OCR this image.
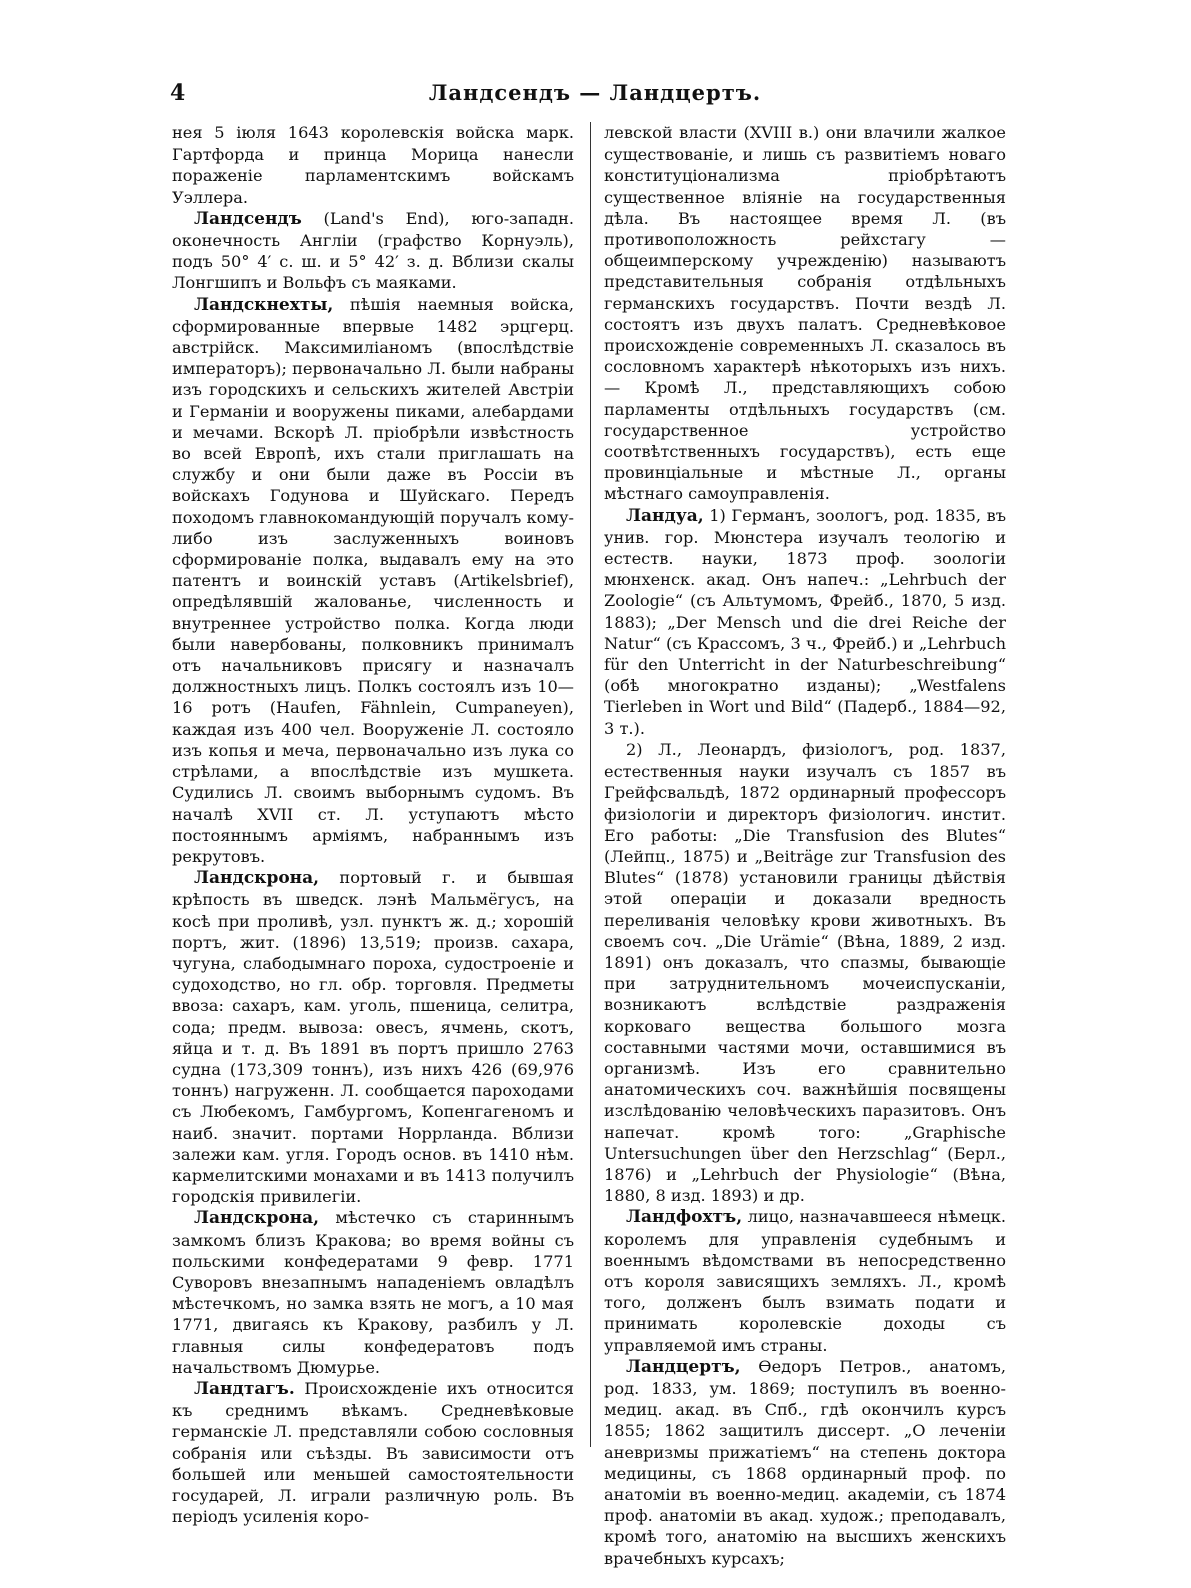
4	Ландсендъ — Ландцертъ.

нея 5 іюля 1643 королевскія войска марк. Гартфорда и принца Морица нанесли пораженіе парламентскимъ войскамъ Уэллера.

Ландсендъ (Land's End), юго-западн. оконечность Англіи (графство Корнуэль), подъ 50° 4′ с. ш. и 5° 42′ з. д. Вблизи скалы Лонгшипъ и Вольфъ съ маяками.

Ландскнехты, пѣшія наемныя войска, сформированные впервые 1482 эрцгерц. австрійск. Максимиліаномъ (впослѣдствіе императоръ); первоначально Л. были набраны изъ городскихъ и сельскихъ жителей Австріи и Германіи и вооружены пиками, алебардами и мечами. Вскорѣ Л. пріобрѣли извѣстность во всей Европѣ, ихъ стали приглашать на службу и они были даже въ Россіи въ войскахъ Годунова и Шуйскаго. Передъ походомъ главнокомандующій поручалъ кому-либо изъ заслуженныхъ воиновъ сформированіе полка, выдавалъ ему на это патентъ и воинскій уставъ (Artikelsbrief), опредѣлявшій жалованье, численность и внутреннее устройство полка. Когда люди были навербованы, полковникъ принималъ отъ начальниковъ присягу и назначалъ должностныхъ лицъ. Полкъ состоялъ изъ 10—16 ротъ (Haufen, Fähnlein, Cumpaneyen), каждая изъ 400 чел. Вооруженіе Л. состояло изъ копья и меча, первоначально изъ лука со стрѣлами, а впослѣдствіе изъ мушкета. Судились Л. своимъ выборнымъ судомъ. Въ началѣ XVII ст. Л. уступаютъ мѣсто постояннымъ арміямъ, набраннымъ изъ рекрутовъ.

Ландскрона, портовый г. и бывшая крѣпость въ шведск. лэнѣ Мальмёгусъ, на косѣ при проливѣ, узл. пунктъ ж. д.; хорошій портъ, жит. (1896) 13,519; произв. сахара, чугуна, слабодымнаго пороха, судостроеніе и судоходство, но гл. обр. торговля. Предметы ввоза: сахаръ, кам. уголь, пшеница, селитра, сода; предм. вывоза: овесъ, ячмень, скотъ, яйца и т. д. Въ 1891 въ портъ пришло 2763 судна (173,309 тоннъ), изъ нихъ 426 (69,976 тоннъ) нагруженн. Л. сообщается пароходами съ Любекомъ, Гамбургомъ, Копенгагеномъ и наиб. значит. портами Норрланда. Вблизи залежи кам. угля. Городъ основ. въ 1410 нѣм. кармелитскими монахами и въ 1413 получилъ городскія привилегіи.

Ландскрона, мѣстечко съ стариннымъ замкомъ близъ Кракова; во время войны съ польскими конфедератами 9 февр. 1771 Суворовъ внезапнымъ нападеніемъ овладѣлъ мѣстечкомъ, но замка взять не могъ, а 10 мая 1771, двигаясь къ Кракову, разбилъ у Л. главныя силы конфедератовъ подъ начальствомъ Дюмурье.

Ландтагъ. Происхожденіе ихъ относится къ среднимъ вѣкамъ. Средневѣковые германскіе Л. представляли собою сословныя собранія или съѣзды. Въ зависимости отъ большей или меньшей самостоятельности государей, Л. играли различную роль. Въ періодъ усиленія коро-

левской власти (XVIII в.) они влачили жалкое существованіе, и лишь съ развитіемъ новаго конституціонализма пріобрѣтаютъ существенное вліяніе на государственныя дѣла. Въ настоящее время Л. (въ противоположность рейхстагу — общеимперскому учрежденію) называютъ представительныя собранія отдѣльныхъ германскихъ государствъ. Почти вездѣ Л. состоятъ изъ двухъ палатъ. Средневѣковое происхожденіе современныхъ Л. сказалось въ сословномъ характерѣ нѣкоторыхъ изъ нихъ. — Кромѣ Л., представляющихъ собою парламенты отдѣльныхъ государствъ (см. государственное устройство соотвѣтственныхъ государствъ), есть еще провинціальные и мѣстные Л., органы мѣстнаго самоуправленія.

Ландуа, 1) Германъ, зоологъ, род. 1835, въ унив. гор. Мюнстера изучалъ теологію и естеств. науки, 1873 проф. зоологіи мюнхенск. акад. Онъ напеч.: „Lehrbuch der Zoologie“ (съ Альтумомъ, Фрейб., 1870, 5 изд. 1883); „Der Mensch und die drei Reiche der Natur“ (съ Крассомъ, 3 ч., Фрейб.) и „Lehrbuch für den Unterricht in der Naturbeschreibung“ (обѣ многократно изданы); „Westfalens Tierleben in Wort und Bild“ (Падерб., 1884—92, 3 т.).

2) Л., Леонардъ, физіологъ, род. 1837, естественныя науки изучалъ съ 1857 въ Грейфсвальдѣ, 1872 ординарный профессоръ физіологіи и директоръ физіологич. инстит. Его работы: „Die Transfusion des Blutes“ (Лейпц., 1875) и „Beiträge zur Transfusion des Blutes“ (1878) установили границы дѣйствія этой операціи и доказали вредность переливанія человѣку крови животныхъ. Въ своемъ соч. „Die Urämie“ (Вѣна, 1889, 2 изд. 1891) онъ доказалъ, что спазмы, бывающіе при затруднительномъ мочеиспусканіи, возникаютъ вслѣдствіе раздраженія корковаго вещества большого мозга составными частями мочи, оставшимися въ организмѣ. Изъ его сравнительно анатомическихъ соч. важнѣйшія посвящены изслѣдованію человѣческихъ паразитовъ. Онъ напечат. кромѣ того: „Graphische Untersuchungen über den Herzschlag“ (Берл., 1876) и „Lehrbuch der Physiologie“ (Вѣна, 1880, 8 изд. 1893) и др.

Ландфохтъ, лицо, назначавшееся нѣмецк. королемъ для управленія судебнымъ и военнымъ вѣдомствами въ непосредственно отъ короля зависящихъ земляхъ. Л., кромѣ того, долженъ былъ взимать подати и принимать королевскіе доходы съ управляемой имъ страны.

Ландцертъ, Өедоръ Петров., анатомъ, род. 1833, ум. 1869; поступилъ въ военно-медиц. акад. въ Спб., гдѣ окончилъ курсъ 1855; 1862 защитилъ диссерт. „О леченіи аневризмы прижатіемъ“ на степень доктора медицины, съ 1868 ординарный проф. по анатоміи въ военно-медиц. академіи, съ 1874 проф. анатоміи въ акад. худож.; преподавалъ, кромѣ того, анатомію на высшихъ женскихъ врачебныхъ курсахъ;
